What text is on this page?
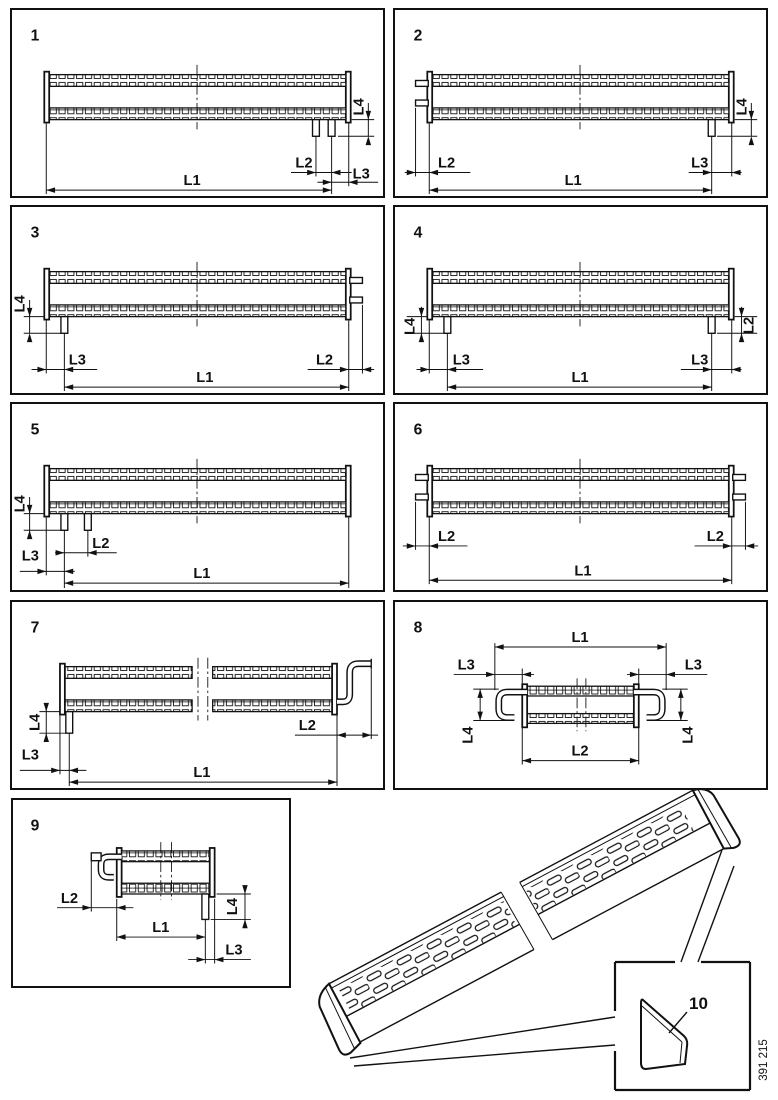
1
L4
L2
L3
L1
2
L2	L3
L4
L1
3
L4
L3	L2
L1
4
L4
L3
L2
L3
L1
5
L4
L2
L3
L1
6
L2	L2
L1
7
L4
L3
L2
L1
8
L1
L3	L3
L4	L4
L2
9
L2
L1
L4
L3
10
391 215
